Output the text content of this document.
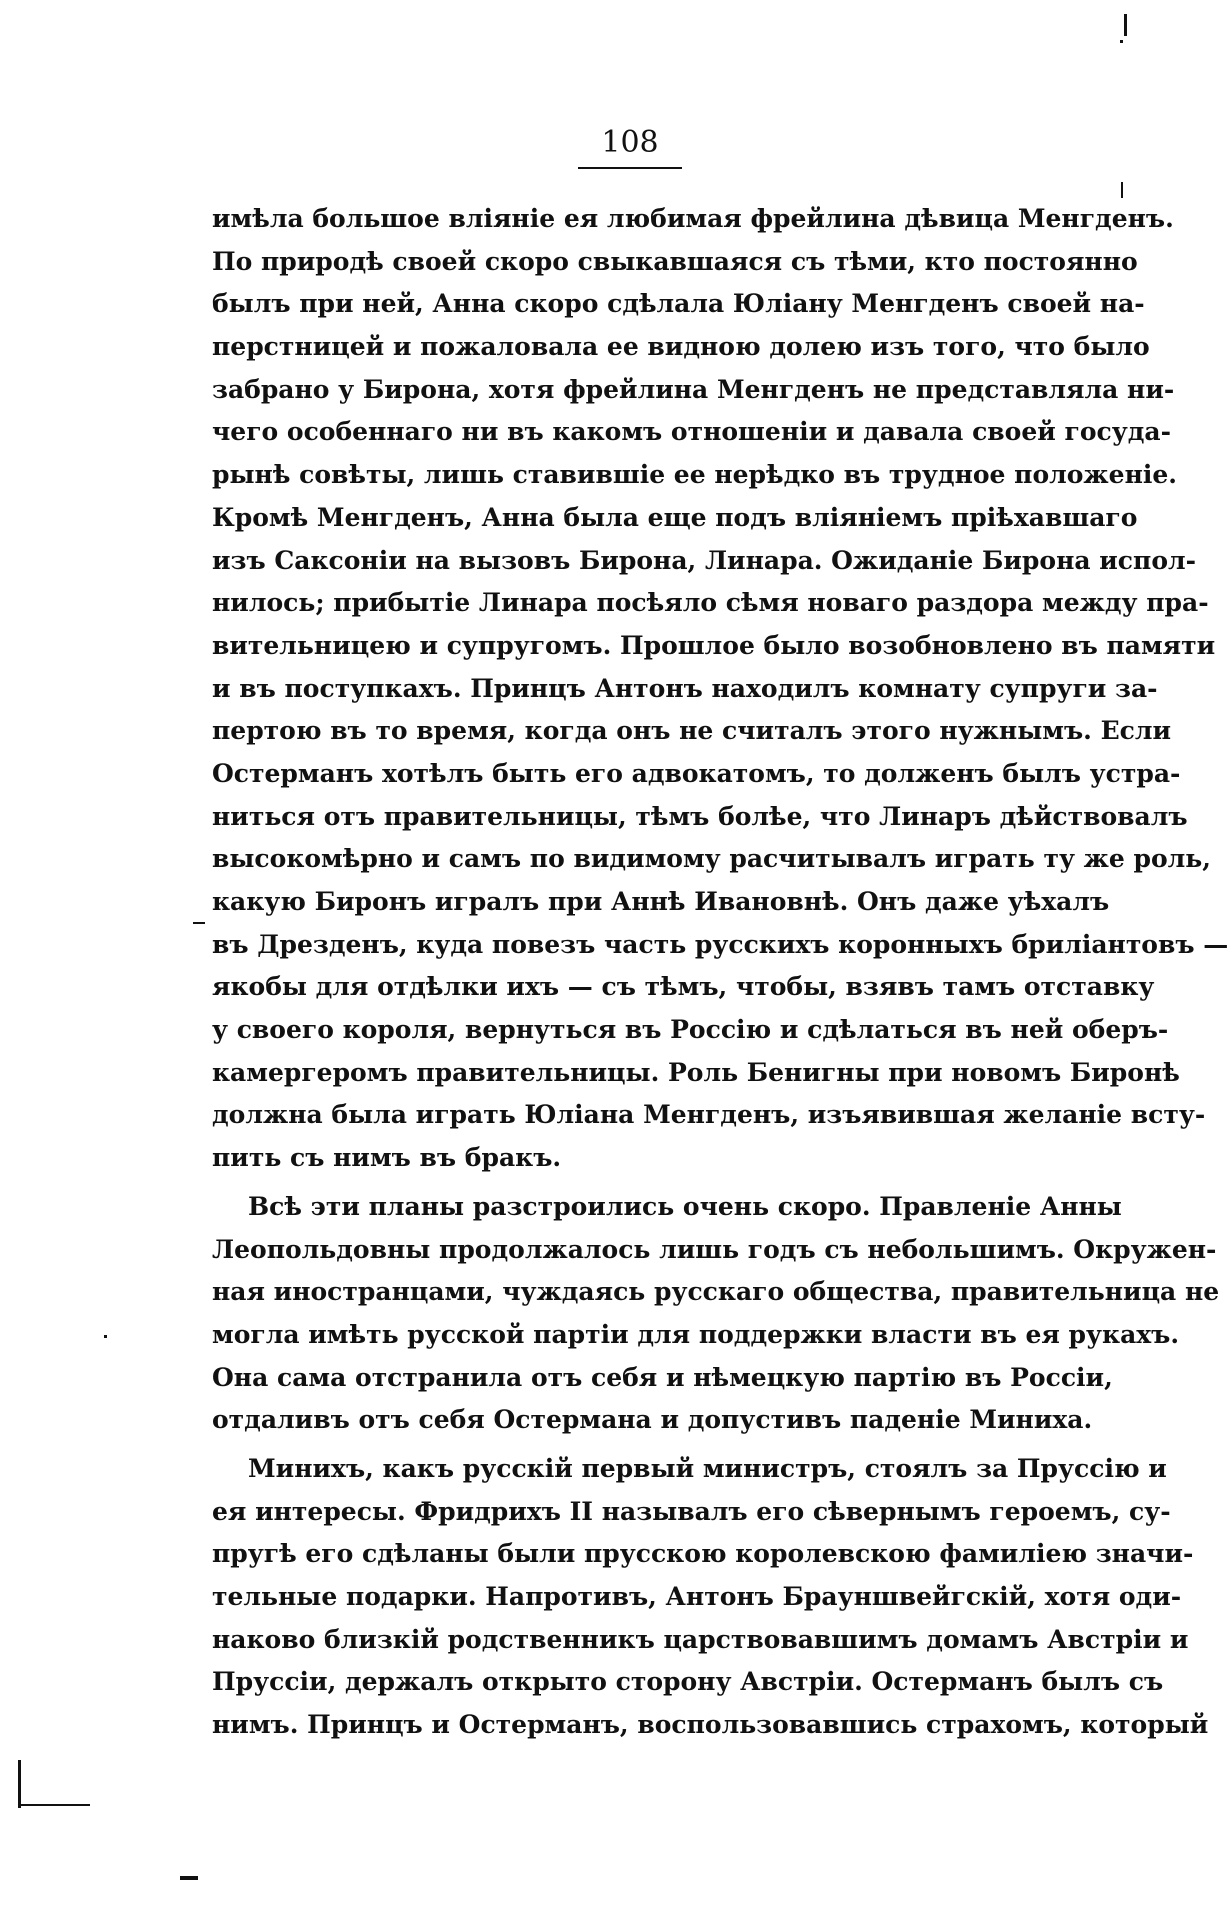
108
имѣла большое вліяніе ея любимая фрейлина дѣвица Менгденъ.
По природѣ своей скоро свыкавшаяся съ тѣми, кто постоянно
былъ при ней, Анна скоро сдѣлала Юліану Менгденъ своей на-
перстницей и пожаловала ее видною долею изъ того, что было
забрано у Бирона, хотя фрейлина Менгденъ не представляла ни-
чего особеннаго ни въ какомъ отношеніи и давала своей госуда-
рынѣ совѣты, лишь ставившіе ее нерѣдко въ трудное положеніе.
Кромѣ Менгденъ, Анна была еще подъ вліяніемъ пріѣхавшаго
изъ Саксоніи на вызовъ Бирона, Линара. Ожиданіе Бирона испол-
нилось; прибытіе Линара посѣяло сѣмя новаго раздора между пра-
вительницею и супругомъ. Прошлое было возобновлено въ памяти
и въ поступкахъ. Принцъ Антонъ находилъ комнату супруги за-
пертою въ то время, когда онъ не считалъ этого нужнымъ. Если
Остерманъ хотѣлъ быть его адвокатомъ, то долженъ былъ устра-
ниться отъ правительницы, тѣмъ болѣе, что Линаръ дѣйствовалъ
высокомѣрно и самъ по видимому расчитывалъ играть ту же роль,
какую Биронъ игралъ при Аннѣ Ивановнѣ. Онъ даже уѣхалъ
въ Дрезденъ, куда повезъ часть русскихъ коронныхъ бриліантовъ —
якобы для отдѣлки ихъ — съ тѣмъ, чтобы, взявъ тамъ отставку
у своего короля, вернуться въ Россію и сдѣлаться въ ней оберъ-
камергеромъ правительницы. Роль Бенигны при новомъ Биронѣ
должна была играть Юліана Менгденъ, изъявившая желаніе всту-
пить съ нимъ въ бракъ.
Всѣ эти планы разстроились очень скоро. Правленіе Анны
Леопольдовны продолжалось лишь годъ съ небольшимъ. Окружен-
ная иностранцами, чуждаясь русскаго общества, правительница не
могла имѣть русской партіи для поддержки власти въ ея рукахъ.
Она сама отстранила отъ себя и нѣмецкую партію въ Россіи,
отдаливъ отъ себя Остермана и допустивъ паденіе Миниха.
Минихъ, какъ русскій первый министръ, стоялъ за Пруссію и
ея интересы. Фридрихъ II называлъ его сѣвернымъ героемъ, су-
пругѣ его сдѣланы были прусскою королевскою фамиліею значи-
тельные подарки. Напротивъ, Антонъ Брауншвейгскій, хотя оди-
наково близкій родственникъ царствовавшимъ домамъ Австріи и
Пруссіи, держалъ открыто сторону Австріи. Остерманъ былъ съ
нимъ. Принцъ и Остерманъ, воспользовавшись страхомъ, который
